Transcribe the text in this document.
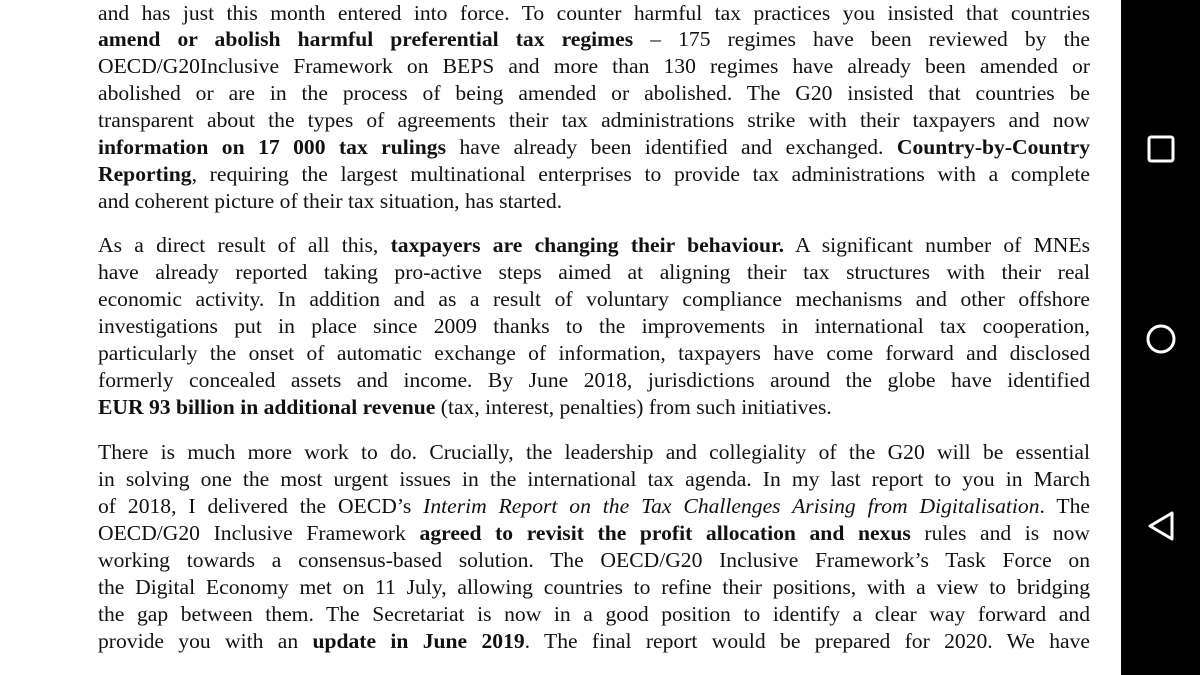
and has just this month entered into force. To counter harmful tax practices you insisted that countries
amend or abolish harmful preferential tax regimes – 175 regimes have been reviewed by the
OECD/G20Inclusive Framework on BEPS and more than 130 regimes have already been amended or
abolished or are in the process of being amended or abolished. The G20 insisted that countries be
transparent about the types of agreements their tax administrations strike with their taxpayers and now
information on 17 000 tax rulings have already been identified and exchanged. Country-by-Country
Reporting, requiring the largest multinational enterprises to provide tax administrations with a complete
and coherent picture of their tax situation, has started.
As a direct result of all this, taxpayers are changing their behaviour. A significant number of MNEs
have already reported taking pro-active steps aimed at aligning their tax structures with their real
economic activity. In addition and as a result of voluntary compliance mechanisms and other offshore
investigations put in place since 2009 thanks to the improvements in international tax cooperation,
particularly the onset of automatic exchange of information, taxpayers have come forward and disclosed
formerly concealed assets and income. By June 2018, jurisdictions around the globe have identified
EUR 93 billion in additional revenue (tax, interest, penalties) from such initiatives.
There is much more work to do. Crucially, the leadership and collegiality of the G20 will be essential
in solving one the most urgent issues in the international tax agenda. In my last report to you in March
of 2018, I delivered the OECD’s Interim Report on the Tax Challenges Arising from Digitalisation. The
OECD/G20 Inclusive Framework agreed to revisit the profit allocation and nexus rules and is now
working towards a consensus-based solution. The OECD/G20 Inclusive Framework’s Task Force on
the Digital Economy met on 11 July, allowing countries to refine their positions, with a view to bridging
the gap between them. The Secretariat is now in a good position to identify a clear way forward and
provide you with an update in June 2019. The final report would be prepared for 2020. We have
